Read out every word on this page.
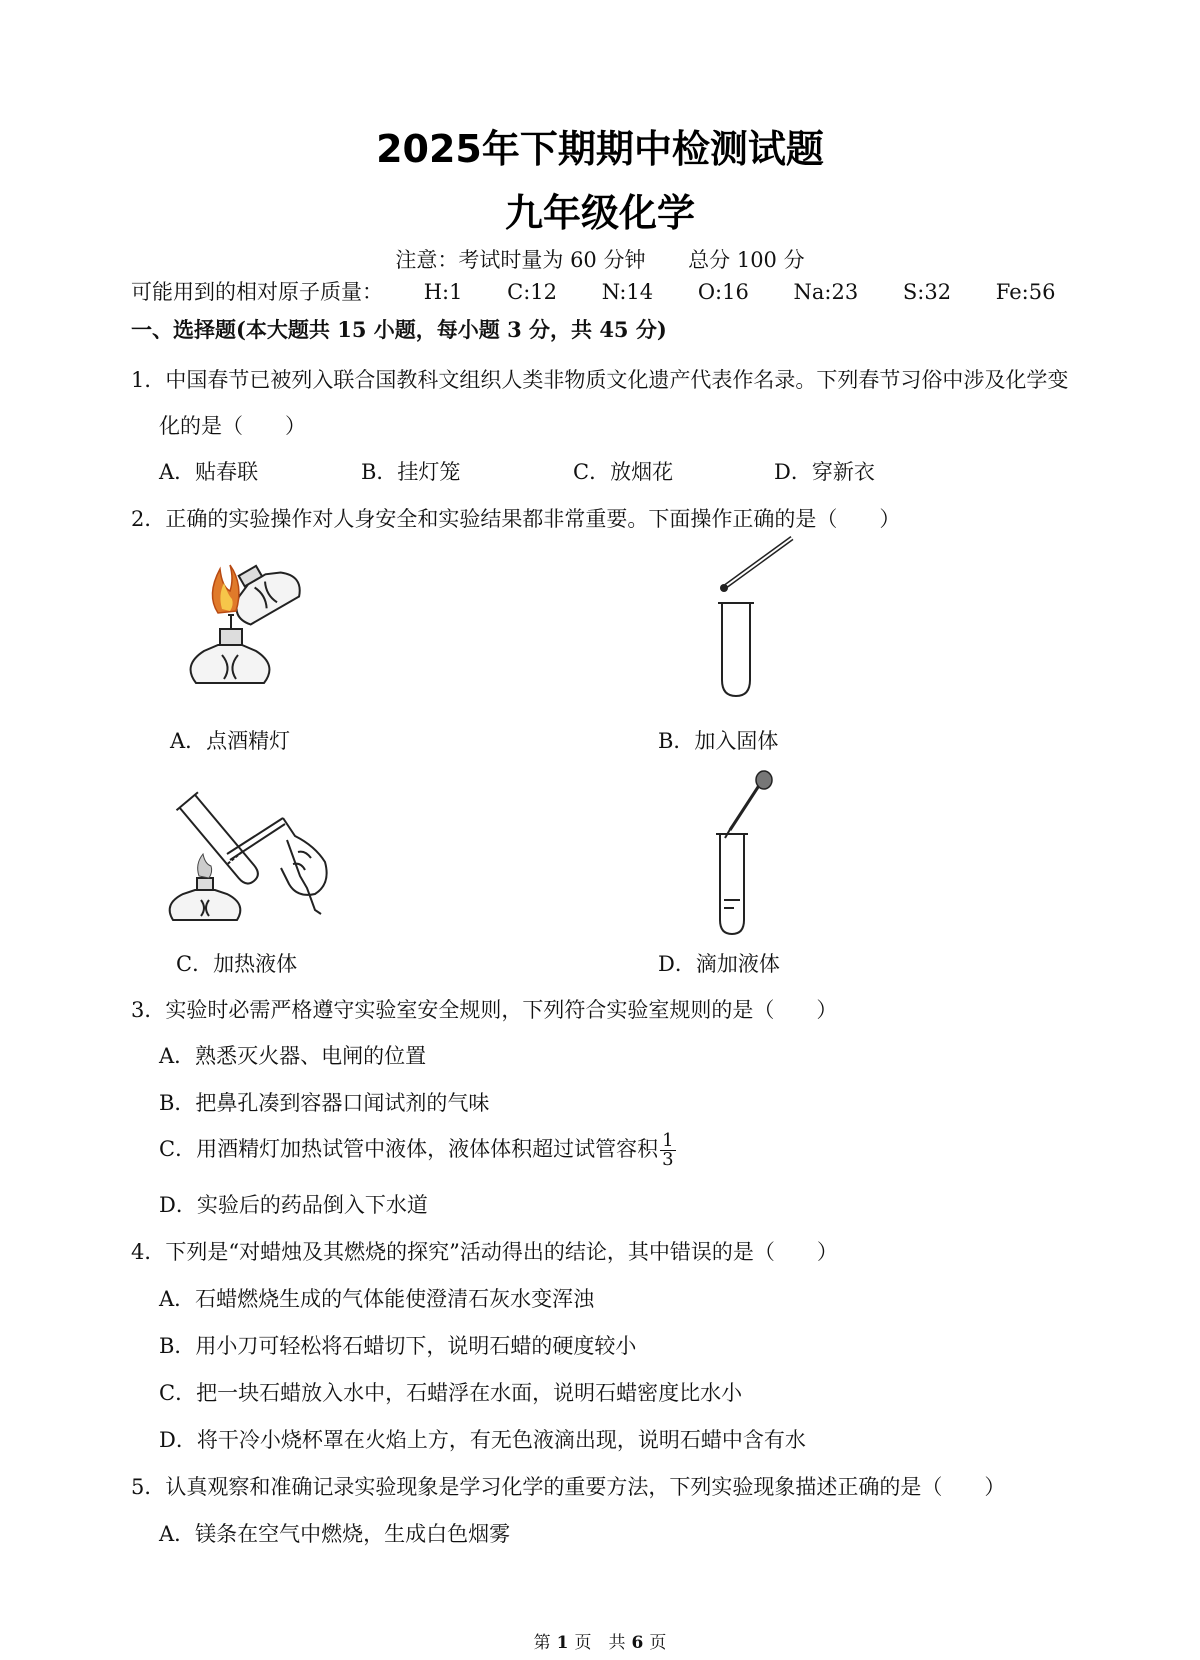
2025年下期期中检测试题
九年级化学
注意：考试时量为 60 分钟 总分 100 分
可能用到的相对原子质量： H:1 C:12 N:14 O:16 Na:23 S:32 Fe:56
一、选择题(本大题共 15 小题，每小题 3 分，共 45 分)
1．中国春节已被列入联合国教科文组织人类非物质文化遗产代表作名录。下列春节习俗中涉及化学变
化的是（　　）
A．贴春联	B．挂灯笼	C．放烟花	D．穿新衣
2．正确的实验操作对人身安全和实验结果都非常重要。下面操作正确的是（　　）
A．点酒精灯	B．加入固体
C．加热液体	D．滴加液体
3．实验时必需严格遵守实验室安全规则，下列符合实验室规则的是（　　）
A．熟悉灭火器、电闸的位置
B．把鼻孔凑到容器口闻试剂的气味
C．用酒精灯加热试管中液体，液体体积超过试管容积 $\frac{1}{3}$
D．实验后的药品倒入下水道
4．下列是“对蜡烛及其燃烧的探究”活动得出的结论，其中错误的是（　　）
A．石蜡燃烧生成的气体能使澄清石灰水变浑浊
B．用小刀可轻松将石蜡切下，说明石蜡的硬度较小
C．把一块石蜡放入水中，石蜡浮在水面，说明石蜡密度比水小
D．将干冷小烧杯罩在火焰上方，有无色液滴出现，说明石蜡中含有水
5．认真观察和准确记录实验现象是学习化学的重要方法，下列实验现象描述正确的是（　　）
A．镁条在空气中燃烧，生成白色烟雾
第 1 页　共 6 页
